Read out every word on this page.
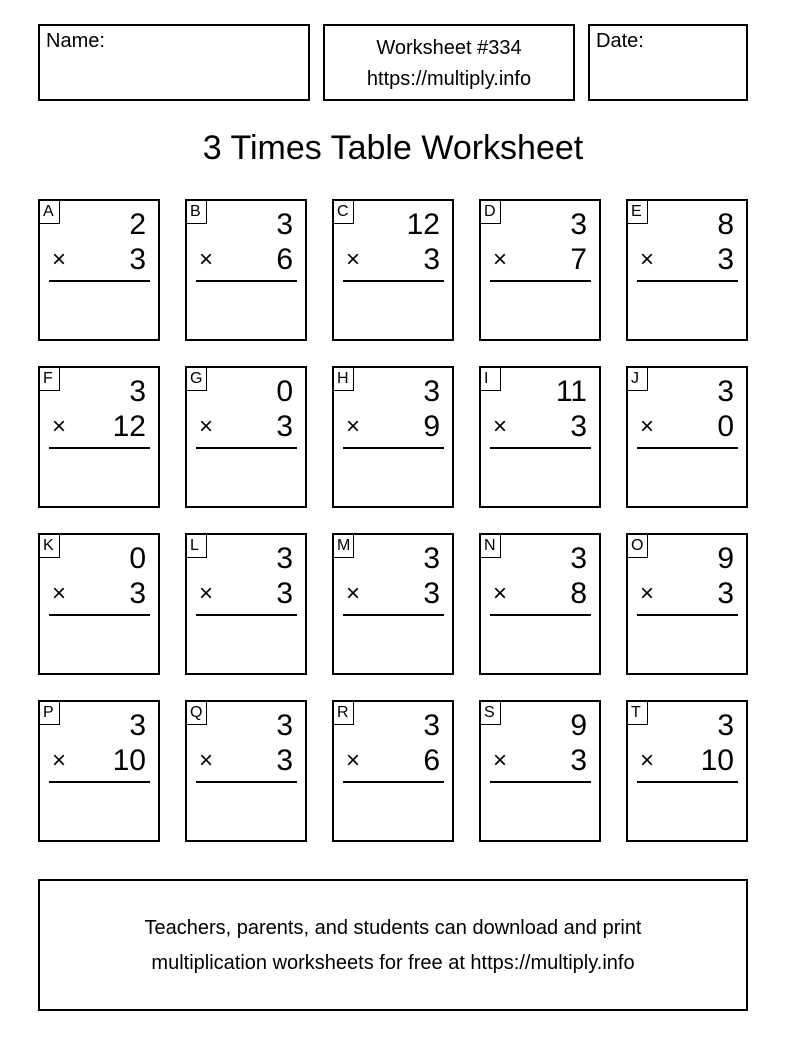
Name:	Worksheet #334
https://multiply.info
Date:
3 Times Table Worksheet
A	2
× 3
B	3
× 6
C 12
× 3
D 3
× 7
E	8
× 3
F	3
× 12
G 0
× 3
H 3
× 9
I	11
× 3
J	3
× 0
K	0
× 3
L	3
× 3
M 3
× 3
N 3
× 8
O 9
× 3
P	3
× 10
Q 3
× 3
R 3
× 6
S	9
× 3
T	3
× 10
Teachers, parents, and students can download and print
multiplication worksheets for free at https://multiply.info
